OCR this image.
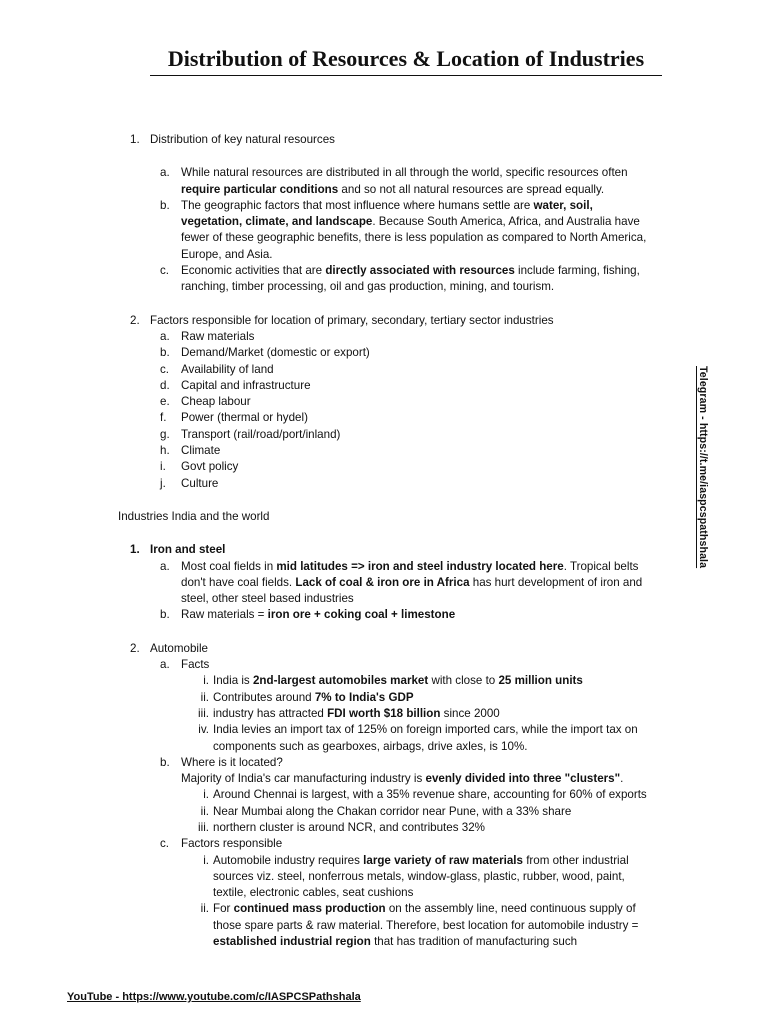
Distribution of Resources & Location of Industries
1. Distribution of key natural resources
a. While natural resources are distributed in all through the world, specific resources often require particular conditions and so not all natural resources are spread equally.
b. The geographic factors that most influence where humans settle are water, soil, vegetation, climate, and landscape. Because South America, Africa, and Australia have fewer of these geographic benefits, there is less population as compared to North America, Europe, and Asia.
c. Economic activities that are directly associated with resources include farming, fishing, ranching, timber processing, oil and gas production, mining, and tourism.
2. Factors responsible for location of primary, secondary, tertiary sector industries
a. Raw materials
b. Demand/Market (domestic or export)
c. Availability of land
d. Capital and infrastructure
e. Cheap labour
f. Power (thermal or hydel)
g. Transport (rail/road/port/inland)
h. Climate
i. Govt policy
j. Culture
Industries India and the world
1. Iron and steel
a. Most coal fields in mid latitudes => iron and steel industry located here. Tropical belts don't have coal fields. Lack of coal & iron ore in Africa has hurt development of iron and steel, other steel based industries
b. Raw materials = iron ore + coking coal + limestone
2. Automobile
a. Facts
i. India is 2nd-largest automobiles market with close to 25 million units
ii. Contributes around 7% to India's GDP
iii. industry has attracted FDI worth $18 billion since 2000
iv. India levies an import tax of 125% on foreign imported cars, while the import tax on components such as gearboxes, airbags, drive axles, is 10%.
b. Where is it located?
Majority of India's car manufacturing industry is evenly divided into three "clusters".
i. Around Chennai is largest, with a 35% revenue share, accounting for 60% of exports
ii. Near Mumbai along the Chakan corridor near Pune, with a 33% share
iii. northern cluster is around NCR, and contributes 32%
c. Factors responsible
i. Automobile industry requires large variety of raw materials from other industrial sources viz. steel, nonferrous metals, window-glass, plastic, rubber, wood, paint, textile, electronic cables, seat cushions
ii. For continued mass production on the assembly line, need continuous supply of those spare parts & raw material. Therefore, best location for automobile industry = established industrial region that has tradition of manufacturing such
Telegram - https://t.me/iaspcspathshala
YouTube - https://www.youtube.com/c/IASPCSPathshala
